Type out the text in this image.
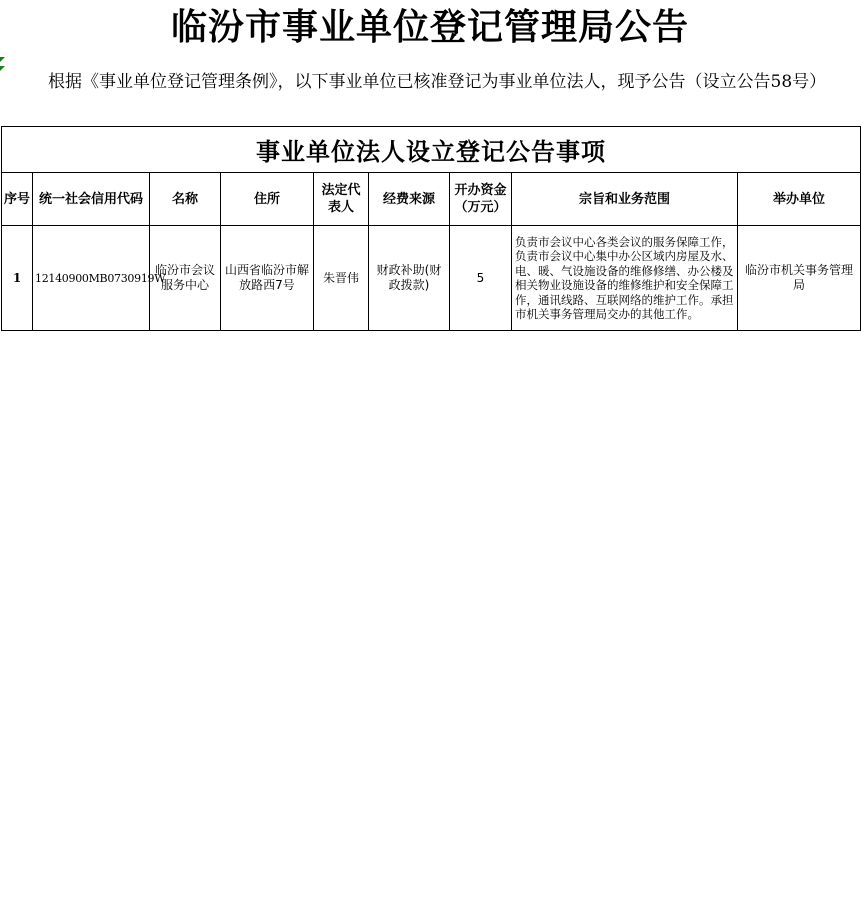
临汾市事业单位登记管理局公告
根据《事业单位登记管理条例》，以下事业单位已核准登记为事业单位法人，现予公告（设立公告58号）
事业单位法人设立登记公告事项								
序号	统一社会信用代码	名称	住所	法定代表人	经费来源	开办资金（万元）	宗旨和业务范围	举办单位
1	12140900MB0730919W	临汾市会议服务中心	山西省临汾市解放路西7号	朱晋伟	财政补助(财政拨款)	5	负责市会议中心各类会议的服务保障工作，负责市会议中心集中办公区域内房屋及水、电、暖、气设施设备的维修修缮、办公楼及相关物业设施设备的维修维护和安全保障工作，通讯线路、互联网络的维护工作。承担市机关事务管理局交办的其他工作。	临汾市机关事务管理局
